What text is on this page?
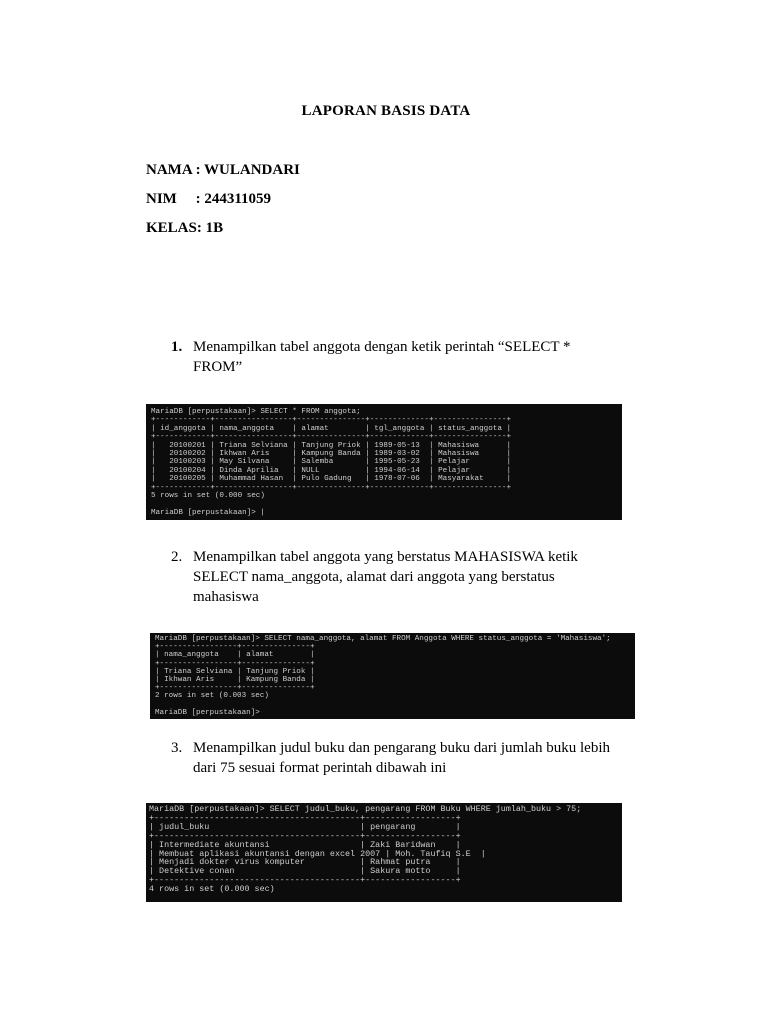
LAPORAN BASIS DATA
NAMA : WULANDARI
NIM     : 244311059
KELAS: 1B
1. Menampilkan tabel anggota dengan ketik perintah “SELECT * FROM”
MariaDB [perpustakaan]> SELECT * FROM anggota;
+------------+-----------------+---------------+-------------+----------------+
| id_anggota | nama_anggota    | alamat        | tgl_anggota | status_anggota |
+------------+-----------------+---------------+-------------+----------------+
|   20100201 | Triana Selviana | Tanjung Priok | 1989-05-13  | Mahasiswa      |
|   20100202 | Ikhwan Aris     | Kampung Banda | 1989-03-02  | Mahasiswa      |
|   20100203 | May Silvana     | Salemba       | 1995-05-23  | Pelajar        |
|   20100204 | Dinda Aprilia   | NULL          | 1994-06-14  | Pelajar        |
|   20100205 | Muhammad Hasan  | Pulo Gadung   | 1978-07-06  | Masyarakat     |
+------------+-----------------+---------------+-------------+----------------+
5 rows in set (0.000 sec)

MariaDB [perpustakaan]> |
2. Menampilkan tabel anggota yang berstatus MAHASISWA ketik SELECT nama_anggota, alamat dari anggota yang berstatus mahasiswa
MariaDB [perpustakaan]> SELECT nama_anggota, alamat FROM Anggota WHERE status_anggota = 'Mahasiswa';
+-----------------+---------------+
| nama_anggota    | alamat        |
+-----------------+---------------+
| Triana Selviana | Tanjung Priok |
| Ikhwan Aris     | Kampung Banda |
+-----------------+---------------+
2 rows in set (0.003 sec)

MariaDB [perpustakaan]>
3. Menampilkan judul buku dan pengarang buku dari jumlah buku lebih dari 75 sesuai format perintah dibawah ini
MariaDB [perpustakaan]> SELECT judul_buku, pengarang FROM Buku WHERE jumlah_buku > 75;
+-----------------------------------------+------------------+
| judul_buku                              | pengarang        |
+-----------------------------------------+------------------+
| Intermediate akuntansi                  | Zaki Baridwan    |
| Membuat aplikasi akuntansi dengan excel 2007 | Moh. Taufiq S.E  |
| Menjadi dokter virus komputer           | Rahmat putra     |
| Detektive conan                         | Sakura motto     |
+-----------------------------------------+------------------+
4 rows in set (0.000 sec)
